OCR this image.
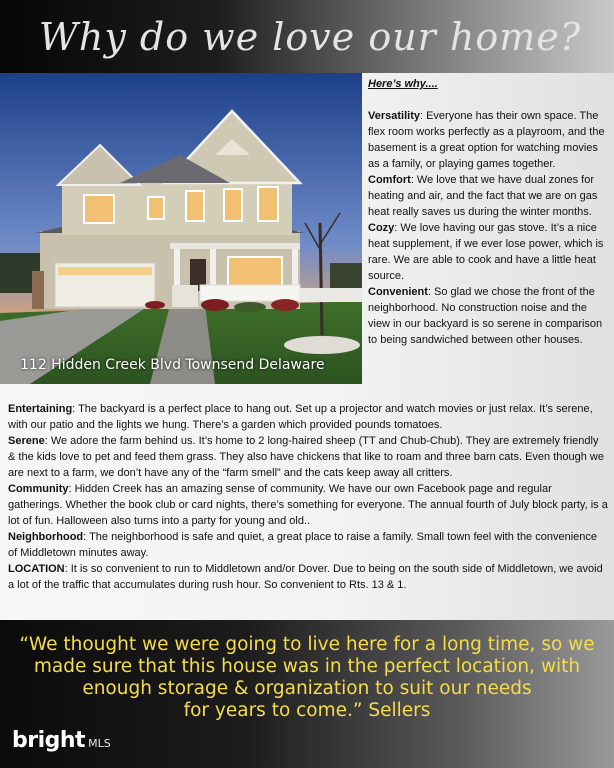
Why do we love our home?
112 Hidden Creek Blvd Townsend Delaware
Here’s why....
Versatility: Everyone has their own space. The flex room works perfectly as a playroom, and the basement is a great option for watching movies as a family, or playing games together.
Comfort: We love that we have dual zones for heating and air, and the fact that we are on gas heat really saves us during the winter months.
Cozy: We love having our gas stove. It’s a nice heat supplement, if we ever lose power, which is rare. We are able to cook and have a little heat source.
Convenient: So glad we chose the front of the neighborhood. No construction noise and the view in our backyard is so serene in comparison to being sandwiched between other houses.
Entertaining: The backyard is a perfect place to hang out. Set up a projector and watch movies or just relax. It’s serene, with our patio and the lights we hung. There’s a garden which provided pounds tomatoes.
Serene: We adore the farm behind us. It’s home to 2 long-haired sheep (TT and Chub-Chub). They are extremely friendly & the kids love to pet and feed them grass. They also have chickens that like to roam and three barn cats. Even though we are next to a farm, we don’t have any of the “farm smell” and the cats keep away all critters.
Community: Hidden Creek has an amazing sense of community. We have our own Facebook page and regular gatherings. Whether the book club or card nights, there’s something for everyone. The annual fourth of July block party, is a lot of fun. Halloween also turns into a party for young and old..
Neighborhood: The neighborhood is safe and quiet, a great place to raise a family. Small town feel with the convenience of Middletown minutes away.
LOCATION: It is so convenient to run to Middletown and/or Dover. Due to being on the south side of Middletown, we avoid a lot of the traffic that accumulates during rush hour. So convenient to Rts. 13 & 1.
“We thought we were going to live here for a long time, so we
made sure that this house was in the perfect location, with
enough storage & organization to suit our needs
for years to come.” Sellers
bright MLS
